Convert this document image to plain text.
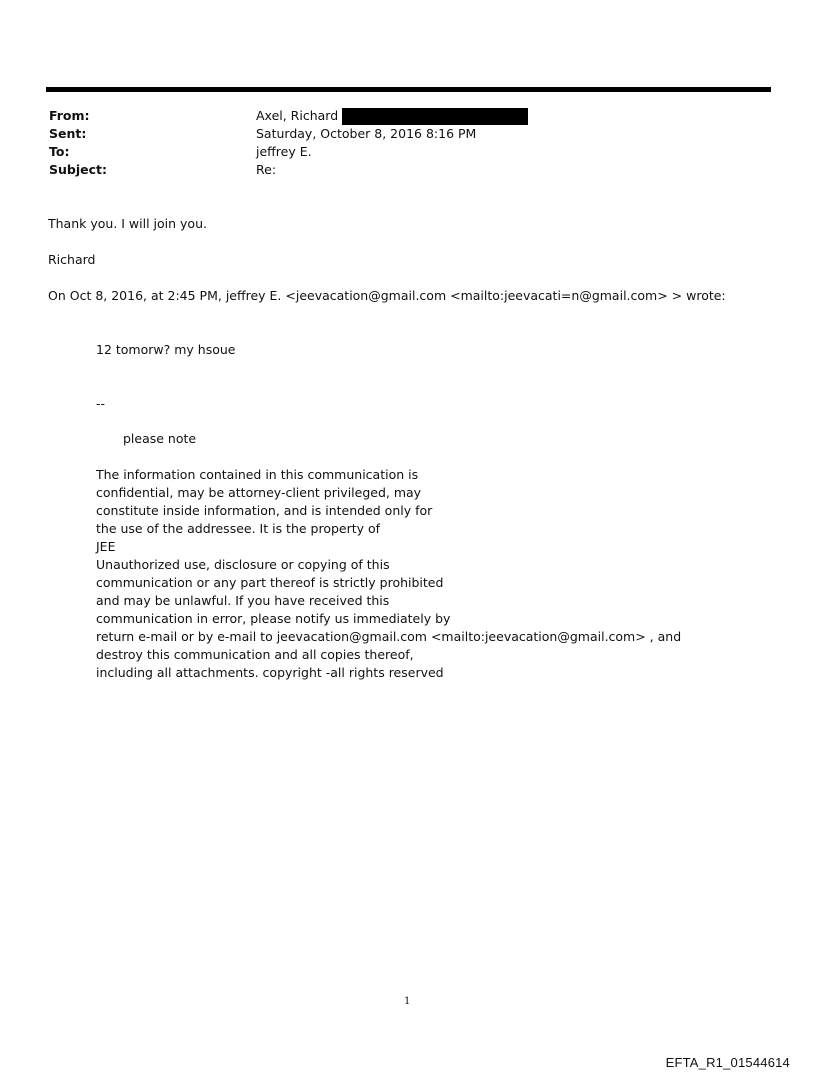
From:	Axel, Richard
Sent:	Saturday, October 8, 2016 8:16 PM
To:	jeffrey E.
Subject:	Re:
Thank you. I will join you.
Richard
On Oct 8, 2016, at 2:45 PM, jeffrey E. <jeevacation@gmail.com <mailto:jeevacati=n@gmail.com> > wrote:
12 tomorw? my hsoue
--
please note
The information contained in this communication is
confidential, may be attorney-client privileged, may
constitute inside information, and is intended only for
the use of the addressee. It is the property of
JEE
Unauthorized use, disclosure or copying of this
communication or any part thereof is strictly prohibited
and may be unlawful. If you have received this
communication in error, please notify us immediately by
return e-mail or by e-mail to jeevacation@gmail.com <mailto:jeevacation@gmail.com> , and
destroy this communication and all copies thereof,
including all attachments. copyright -all rights reserved
1
EFTA_R1_01544614
